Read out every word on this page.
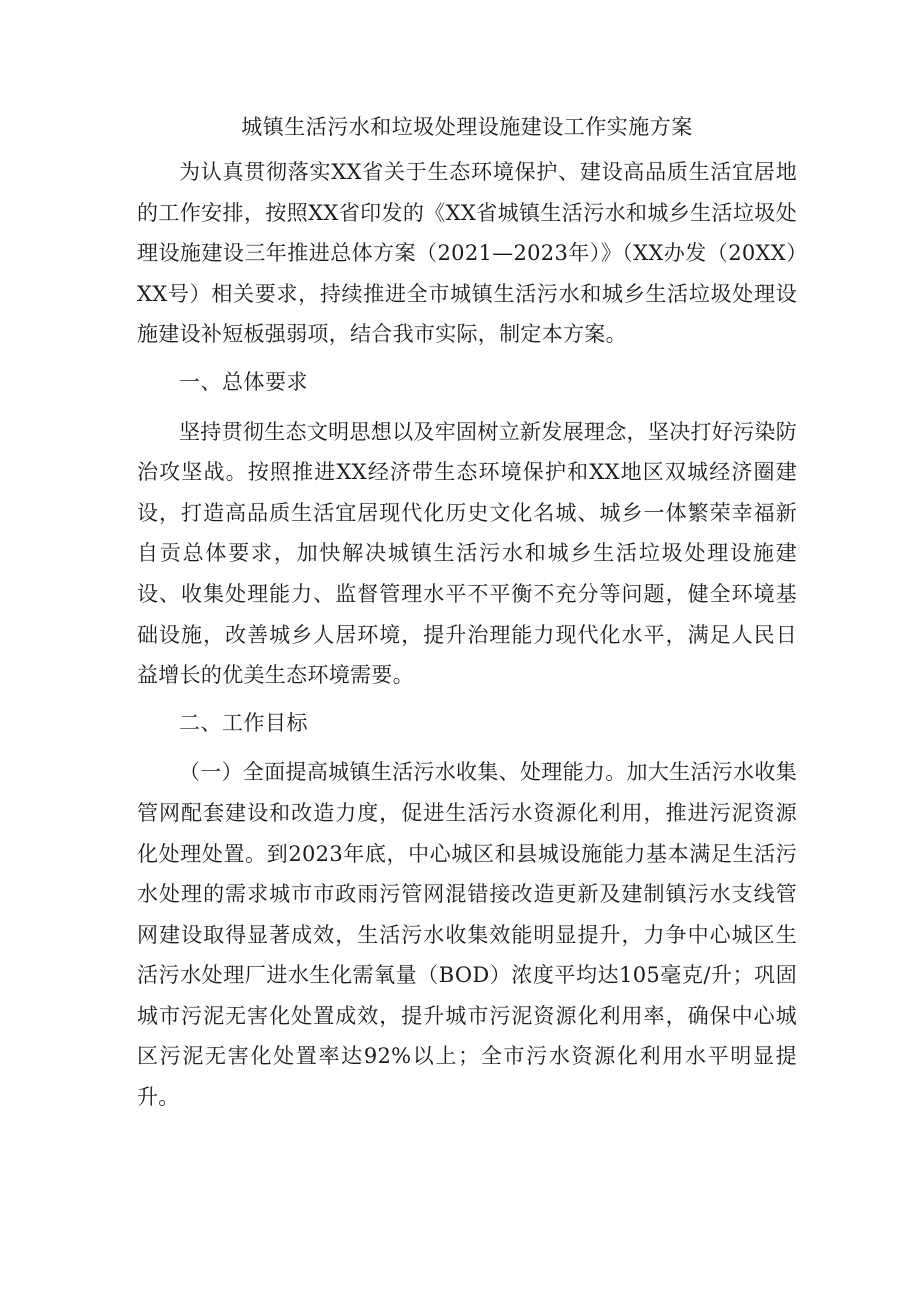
城镇生活污水和垃圾处理设施建设工作实施方案

为认真贯彻落实XX省关于生态环境保护、建设高品质生活宜居地的工作安排，按照XX省印发的《XX省城镇生活污水和城乡生活垃圾处理设施建设三年推进总体方案（2021—2023年）》（XX办发（20XX）XX号）相关要求，持续推进全市城镇生活污水和城乡生活垃圾处理设施建设补短板强弱项，结合我市实际，制定本方案。

一、总体要求

坚持贯彻生态文明思想以及牢固树立新发展理念，坚决打好污染防治攻坚战。按照推进XX经济带生态环境保护和XX地区双城经济圈建设，打造高品质生活宜居现代化历史文化名城、城乡一体繁荣幸福新自贡总体要求，加快解决城镇生活污水和城乡生活垃圾处理设施建设、收集处理能力、监督管理水平不平衡不充分等问题，健全环境基础设施，改善城乡人居环境，提升治理能力现代化水平，满足人民日益增长的优美生态环境需要。

二、工作目标

（一）全面提高城镇生活污水收集、处理能力。加大生活污水收集管网配套建设和改造力度，促进生活污水资源化利用，推进污泥资源化处理处置。到2023年底，中心城区和县城设施能力基本满足生活污水处理的需求城市市政雨污管网混错接改造更新及建制镇污水支线管网建设取得显著成效，生活污水收集效能明显提升，力争中心城区生活污水处理厂进水生化需氧量（BOD）浓度平均达105毫克/升；巩固城市污泥无害化处置成效，提升城市污泥资源化利用率，确保中心城区污泥无害化处置率达92%以上；全市污水资源化利用水平明显提升。
